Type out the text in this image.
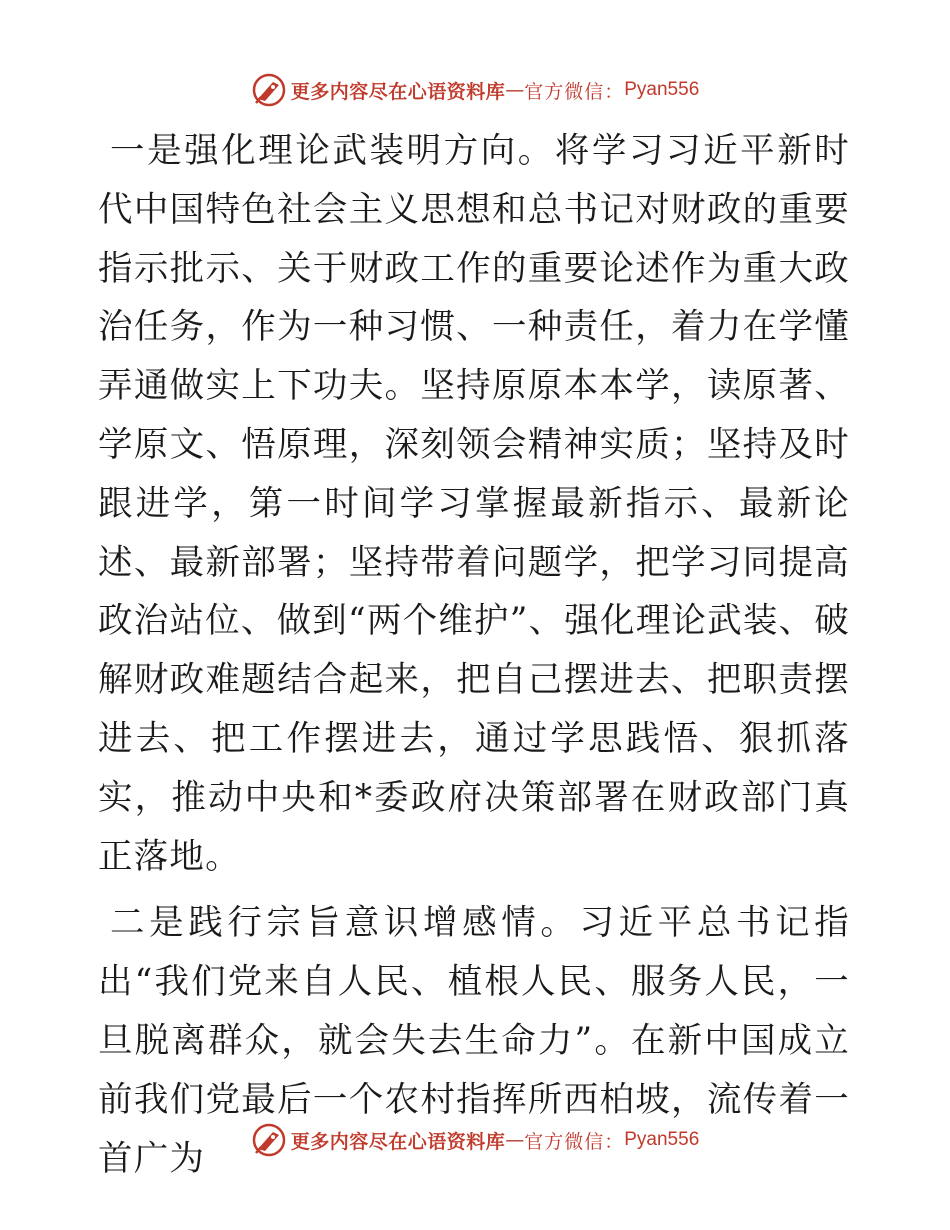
更多内容尽在心语资料库 — 官方微信： Pyan556

一是强化理论武装明方向。将学习习近平新时代中国特色社会主义思想和总书记对财政的重要指示批示、关于财政工作的重要论述作为重大政治任务，作为一种习惯、一种责任，着力在学懂弄通做实上下功夫。坚持原原本本学，读原著、学原文、悟原理，深刻领会精神实质；坚持及时跟进学，第一时间学习掌握最新指示、最新论述、最新部署；坚持带着问题学，把学习同提高政治站位、做到“两个维护”、强化理论武装、破解财政难题结合起来，把自己摆进去、把职责摆进去、把工作摆进去，通过学思践悟、狠抓落实，推动中央和*委政府决策部署在财政部门真正落地。

二是践行宗旨意识增感情。习近平总书记指出“我们党来自人民、植根人民、服务人民，一旦脱离群众，就会失去生命力”。在新中国成立前我们党最后一个农村指挥所西柏坡，流传着一首广为	更多内容尽在心语资料库 — 官方微信： Pyan556
